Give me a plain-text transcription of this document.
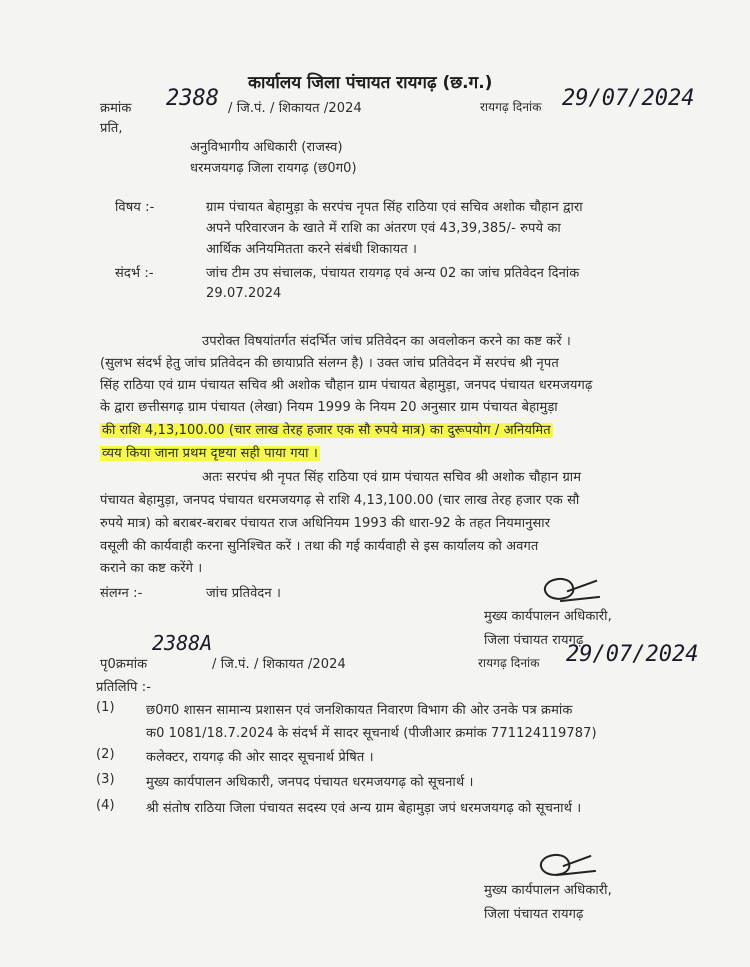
कार्यालय जिला पंचायत रायगढ़ (छ.ग.)
क्रमांक 2388 / जि.पं. / शिकायत /2024	रायगढ़ दिनांक 29/07/2024
प्रति,
अनुविभागीय अधिकारी (राजस्व)
धरमजयगढ़ जिला रायगढ़ (छ0ग0)
विषय :-	ग्राम पंचायत बेहामुड़ा के सरपंच नृपत सिंह राठिया एवं सचिव अशोक चौहान द्वारा
अपने परिवारजन के खाते में राशि का अंतरण एवं 43,39,385/- रुपये का
आर्थिक अनियमितता करने संबंधी शिकायत ।
संदर्भ :-	जांच टीम उप संचालक, पंचायत रायगढ़ एवं अन्य 02 का जांच प्रतिवेदन दिनांक
29.07.2024
उपरोक्त विषयांतर्गत संदर्भित जांच प्रतिवेदन का अवलोकन करने का कष्ट करें ।
(सुलभ संदर्भ हेतु जांच प्रतिवेदन की छायाप्रति संलग्न है) । उक्त जांच प्रतिवेदन में सरपंच श्री नृपत
सिंह राठिया एवं ग्राम पंचायत सचिव श्री अशोक चौहान ग्राम पंचायत बेहामुड़ा, जनपद पंचायत धरमजयगढ़
के द्वारा छत्तीसगढ़ ग्राम पंचायत (लेखा) नियम 1999 के नियम 20 अनुसार ग्राम पंचायत बेहामुड़ा
की राशि 4,13,100.00 (चार लाख तेरह हजार एक सौ रुपये मात्र) का दुरूपयोग / अनियमित
व्यय किया जाना प्रथम दृष्टया सही पाया गया ।
अतः सरपंच श्री नृपत सिंह राठिया एवं ग्राम पंचायत सचिव श्री अशोक चौहान ग्राम
पंचायत बेहामुड़ा, जनपद पंचायत धरमजयगढ़ से राशि 4,13,100.00 (चार लाख तेरह हजार एक सौ
रुपये मात्र) को बराबर-बराबर पंचायत राज अधिनियम 1993 की धारा-92 के तहत नियमानुसार
वसूली की कार्यवाही करना सुनिश्चित करें । तथा की गई कार्यवाही से इस कार्यालय को अवगत
कराने का कष्ट करेंगे ।
संलग्न :-	जांच प्रतिवेदन ।
मुख्य कार्यपालन अधिकारी,
जिला पंचायत रायगढ़
पृ0क्रमांक
2388A
/ जि.पं. / शिकायत /2024	रायगढ़ दिनांक 29/07/2024
प्रतिलिपि :-
(1) छ0ग0 शासन सामान्य प्रशासन एवं जनशिकायत निवारण विभाग की ओर उनके पत्र क्रमांक
क0 1081/18.7.2024 के संदर्भ में सादर सूचनार्थ (पीजीआर क्रमांक 771124119787)
(2) कलेक्टर, रायगढ़ की ओर सादर सूचनार्थ प्रेषित ।
(3) मुख्य कार्यपालन अधिकारी, जनपद पंचायत धरमजयगढ़ को सूचनार्थ ।
(4) श्री संतोष राठिया जिला पंचायत सदस्य एवं अन्य ग्राम बेहामुड़ा जपं धरमजयगढ़ को सूचनार्थ ।
मुख्य कार्यपालन अधिकारी,
जिला पंचायत रायगढ़
